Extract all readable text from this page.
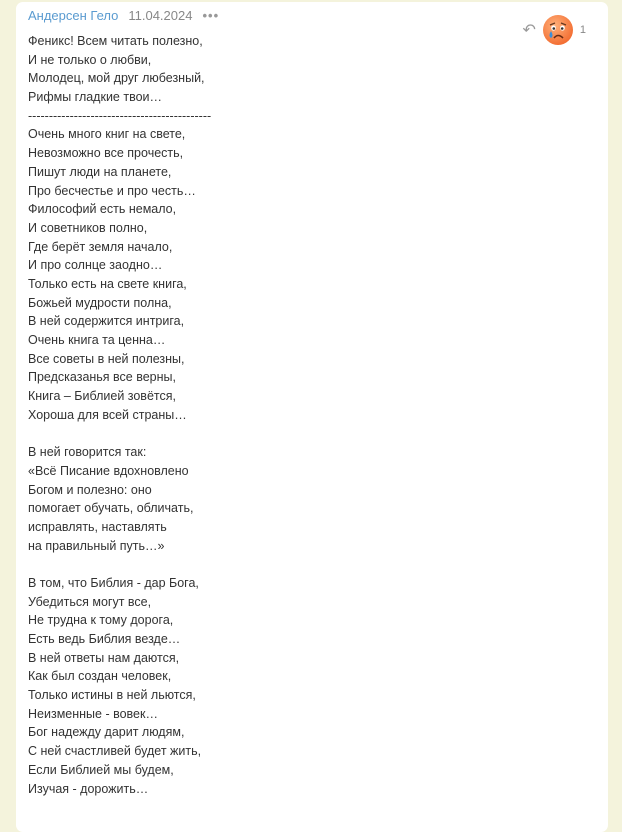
Андерсен Гело 11.04.2024 •••
↶	1
Феникс! Всем читать полезно,
И не только о любви,
Молодец, мой друг любезный,
Рифмы гладкие твои…
--------------------------------------------
Очень много книг на свете,
Невозможно все прочесть,
Пишут люди на планете,
Про бесчестье и про честь…
Философий есть немало,
И советников полно,
Где берёт земля начало,
И про солнце заодно…
Только есть на свете книга,
Божьей мудрости полна,
В ней содержится интрига,
Очень книга та ценна…
Все советы в ней полезны,
Предсказанья все верны,
Книга – Библией зовётся,
Хороша для всей страны…
В ней говорится так:
«Всё Писание вдохновлено
Богом и полезно: оно
помогает обучать, обличать,
исправлять, наставлять
на правильный путь…»
В том, что Библия - дар Бога,
Убедиться могут все,
Не трудна к тому дорога,
Есть ведь Библия везде…
В ней ответы нам даются,
Как был создан человек,
Только истины в ней льются,
Неизменные - вовек…
Бог надежду дарит людям,
С ней счастливей будет жить,
Если Библией мы будем,
Изучая - дорожить…
